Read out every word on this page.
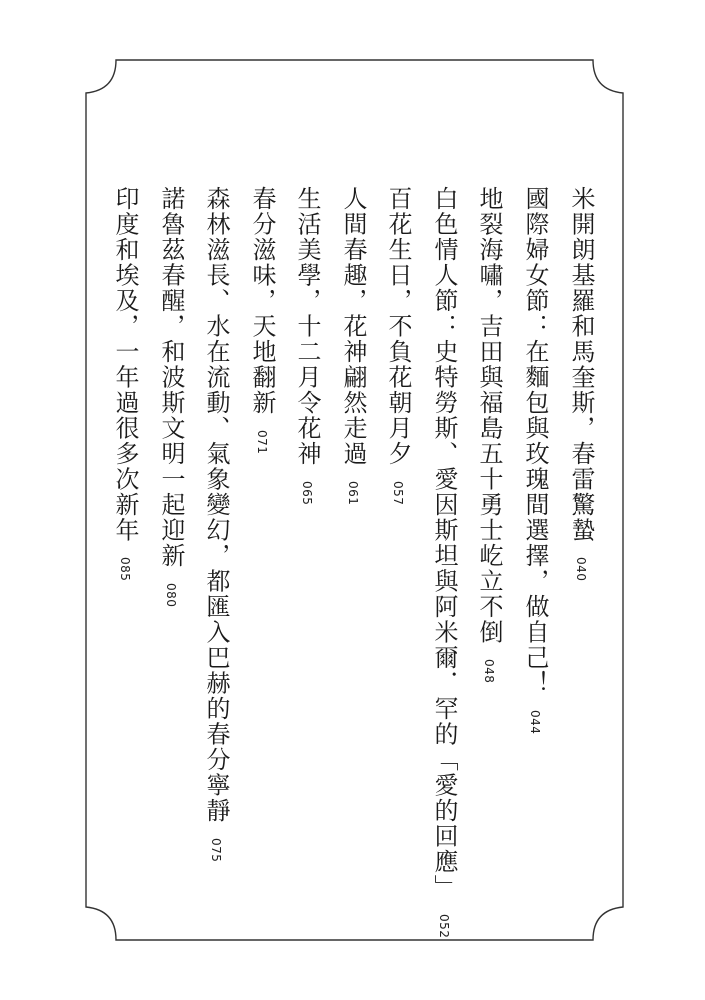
米開朗基羅和馬奎斯，春雷驚蟄
040
國際婦女節：在麵包與玫瑰間選擇，做自己！
044
地裂海嘯，吉田與福島五十勇士屹立不倒
048
白色情人節：史特勞斯、愛因斯坦與阿米爾．罕的「愛的回應」
052
百花生日，不負花朝月夕
057
人間春趣，花神翩然走過
061
生活美學，十二月令花神
065
春分滋味，天地翻新
071
森林滋長、水在流動、氣象變幻，都匯入巴赫的春分寧靜
075
諾魯茲春醒，和波斯文明一起迎新
080
印度和埃及，一年過很多次新年
085
